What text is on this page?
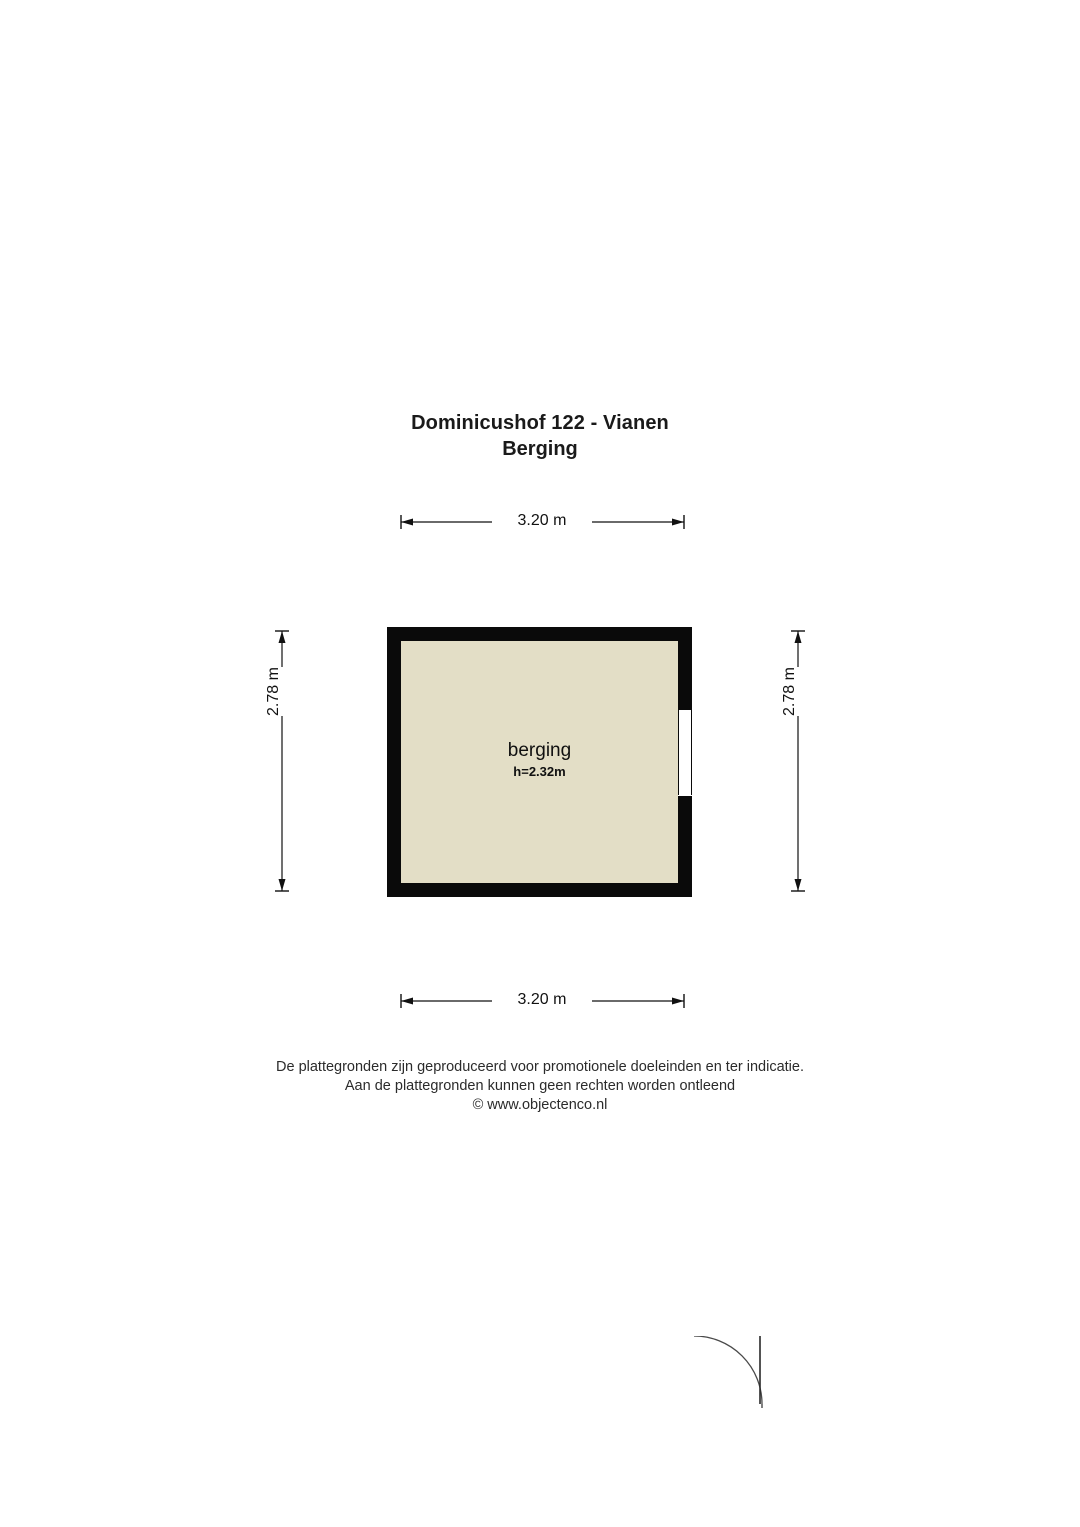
Dominicushof 122 - Vianen
Berging
3.20 m
3.20 m
2.78 m	2.78 m
berging
h=2.32m
De plattegronden zijn geproduceerd voor promotionele doeleinden en ter indicatie.
Aan de plattegronden kunnen geen rechten worden ontleend
© www.objectenco.nl
